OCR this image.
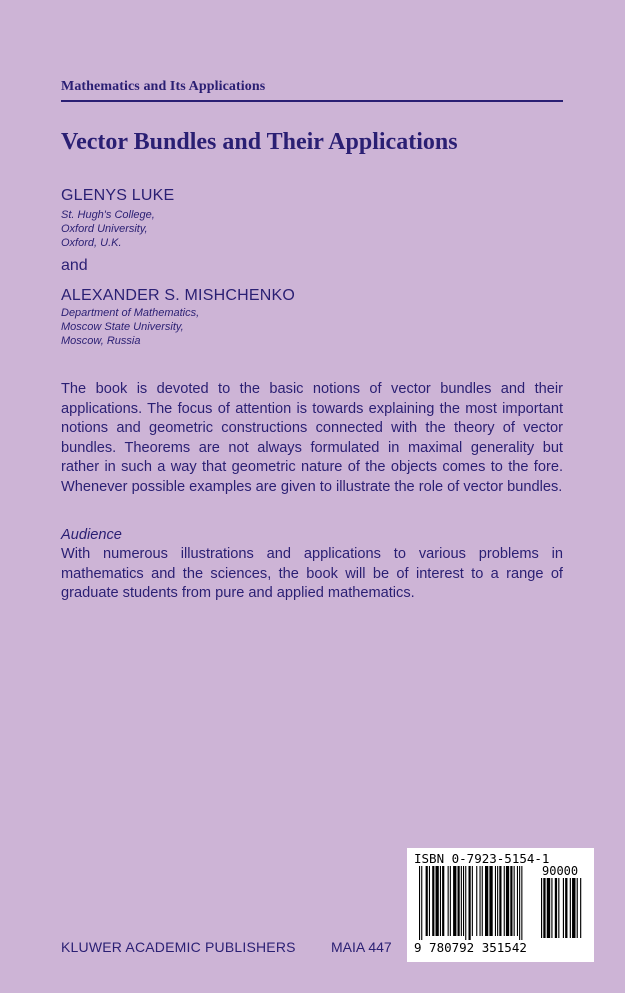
Mathematics and Its Applications
Vector Bundles and Their Applications
GLENYS LUKE
St. Hugh's College,
Oxford University,
Oxford, U.K.
and
ALEXANDER S. MISHCHENKO
Department of Mathematics,
Moscow State University,
Moscow, Russia

The book is devoted to the basic notions of vector bundles and their applications. The focus of attention is towards explaining the most important notions and geometric constructions connected with the theory of vector bundles. Theorems are not always formulated in maximal generality but rather in such a way that geometric nature of the objects comes to the fore. Whenever possible examples are given to illustrate the role of vector bundles.

Audience

With numerous illustrations and applications to various problems in mathematics and the sciences, the book will be of interest to a range of graduate students from pure and applied mathematics.

KLUWER ACADEMIC PUBLISHERS	MAIA 447
ISBN 0-7923-5154-1
90000
9 780792 351542
